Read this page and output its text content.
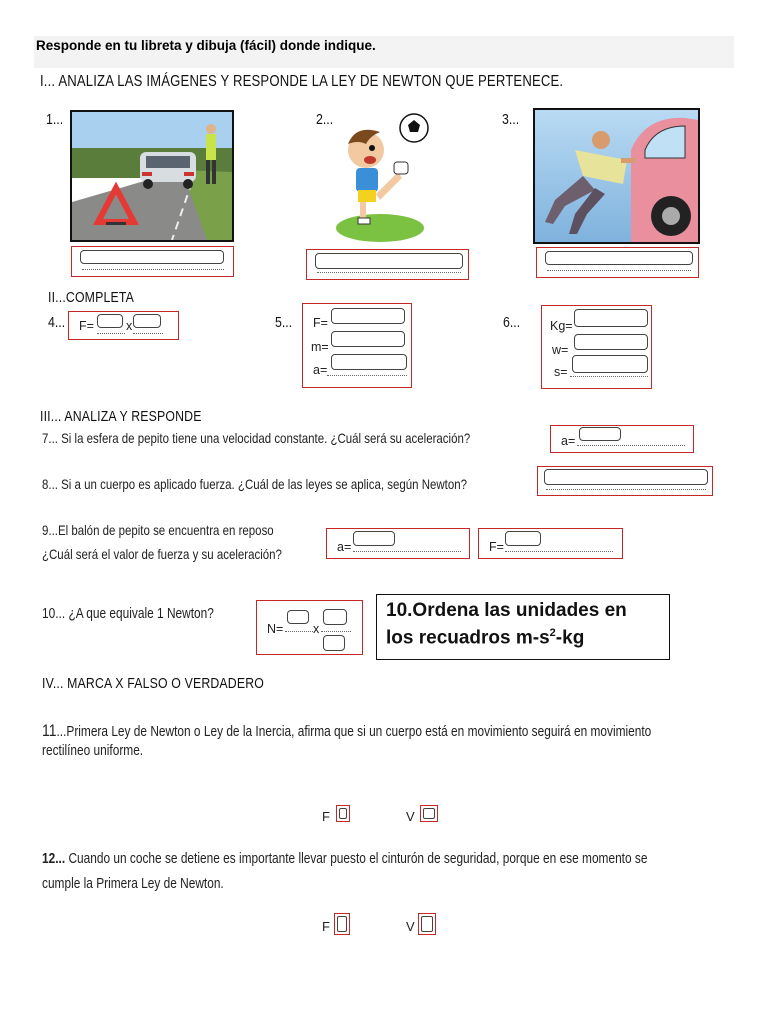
Responde en tu libreta y dibuja (fácil) donde indique.
I... ANALIZA LAS IMÁGENES Y RESPONDE LA LEY DE NEWTON QUE PERTENECE.
1...	2...	3...
II...COMPLETA
4... F=	x	5... F=
m=
a=
6... Kg=
w=
s=
III... ANALIZA Y RESPONDE
7... Si la esfera de pepito tiene una velocidad constante. ¿Cuál será su aceleración?	a=
8... Si a un cuerpo es aplicado fuerza. ¿Cuál de las leyes se aplica, según Newton?
9...El balón de pepito se encuentra en reposo
¿Cuál será el valor de fuerza y su aceleración?	a=	F=
10... ¿A que equivale 1 Newton?
N= x
10.Ordena las unidades en
los recuadros $m-s^2-kg$
IV... MARCA X FALSO O VERDADERO
11...Primera Ley de Newton o Ley de la Inercia, afirma que si un cuerpo está en movimiento seguirá en movimiento
rectilíneo uniforme.
F	V
12... Cuando un coche se detiene es importante llevar puesto el cinturón de seguridad, porque en ese momento se
cumple la Primera Ley de Newton.
F	V
